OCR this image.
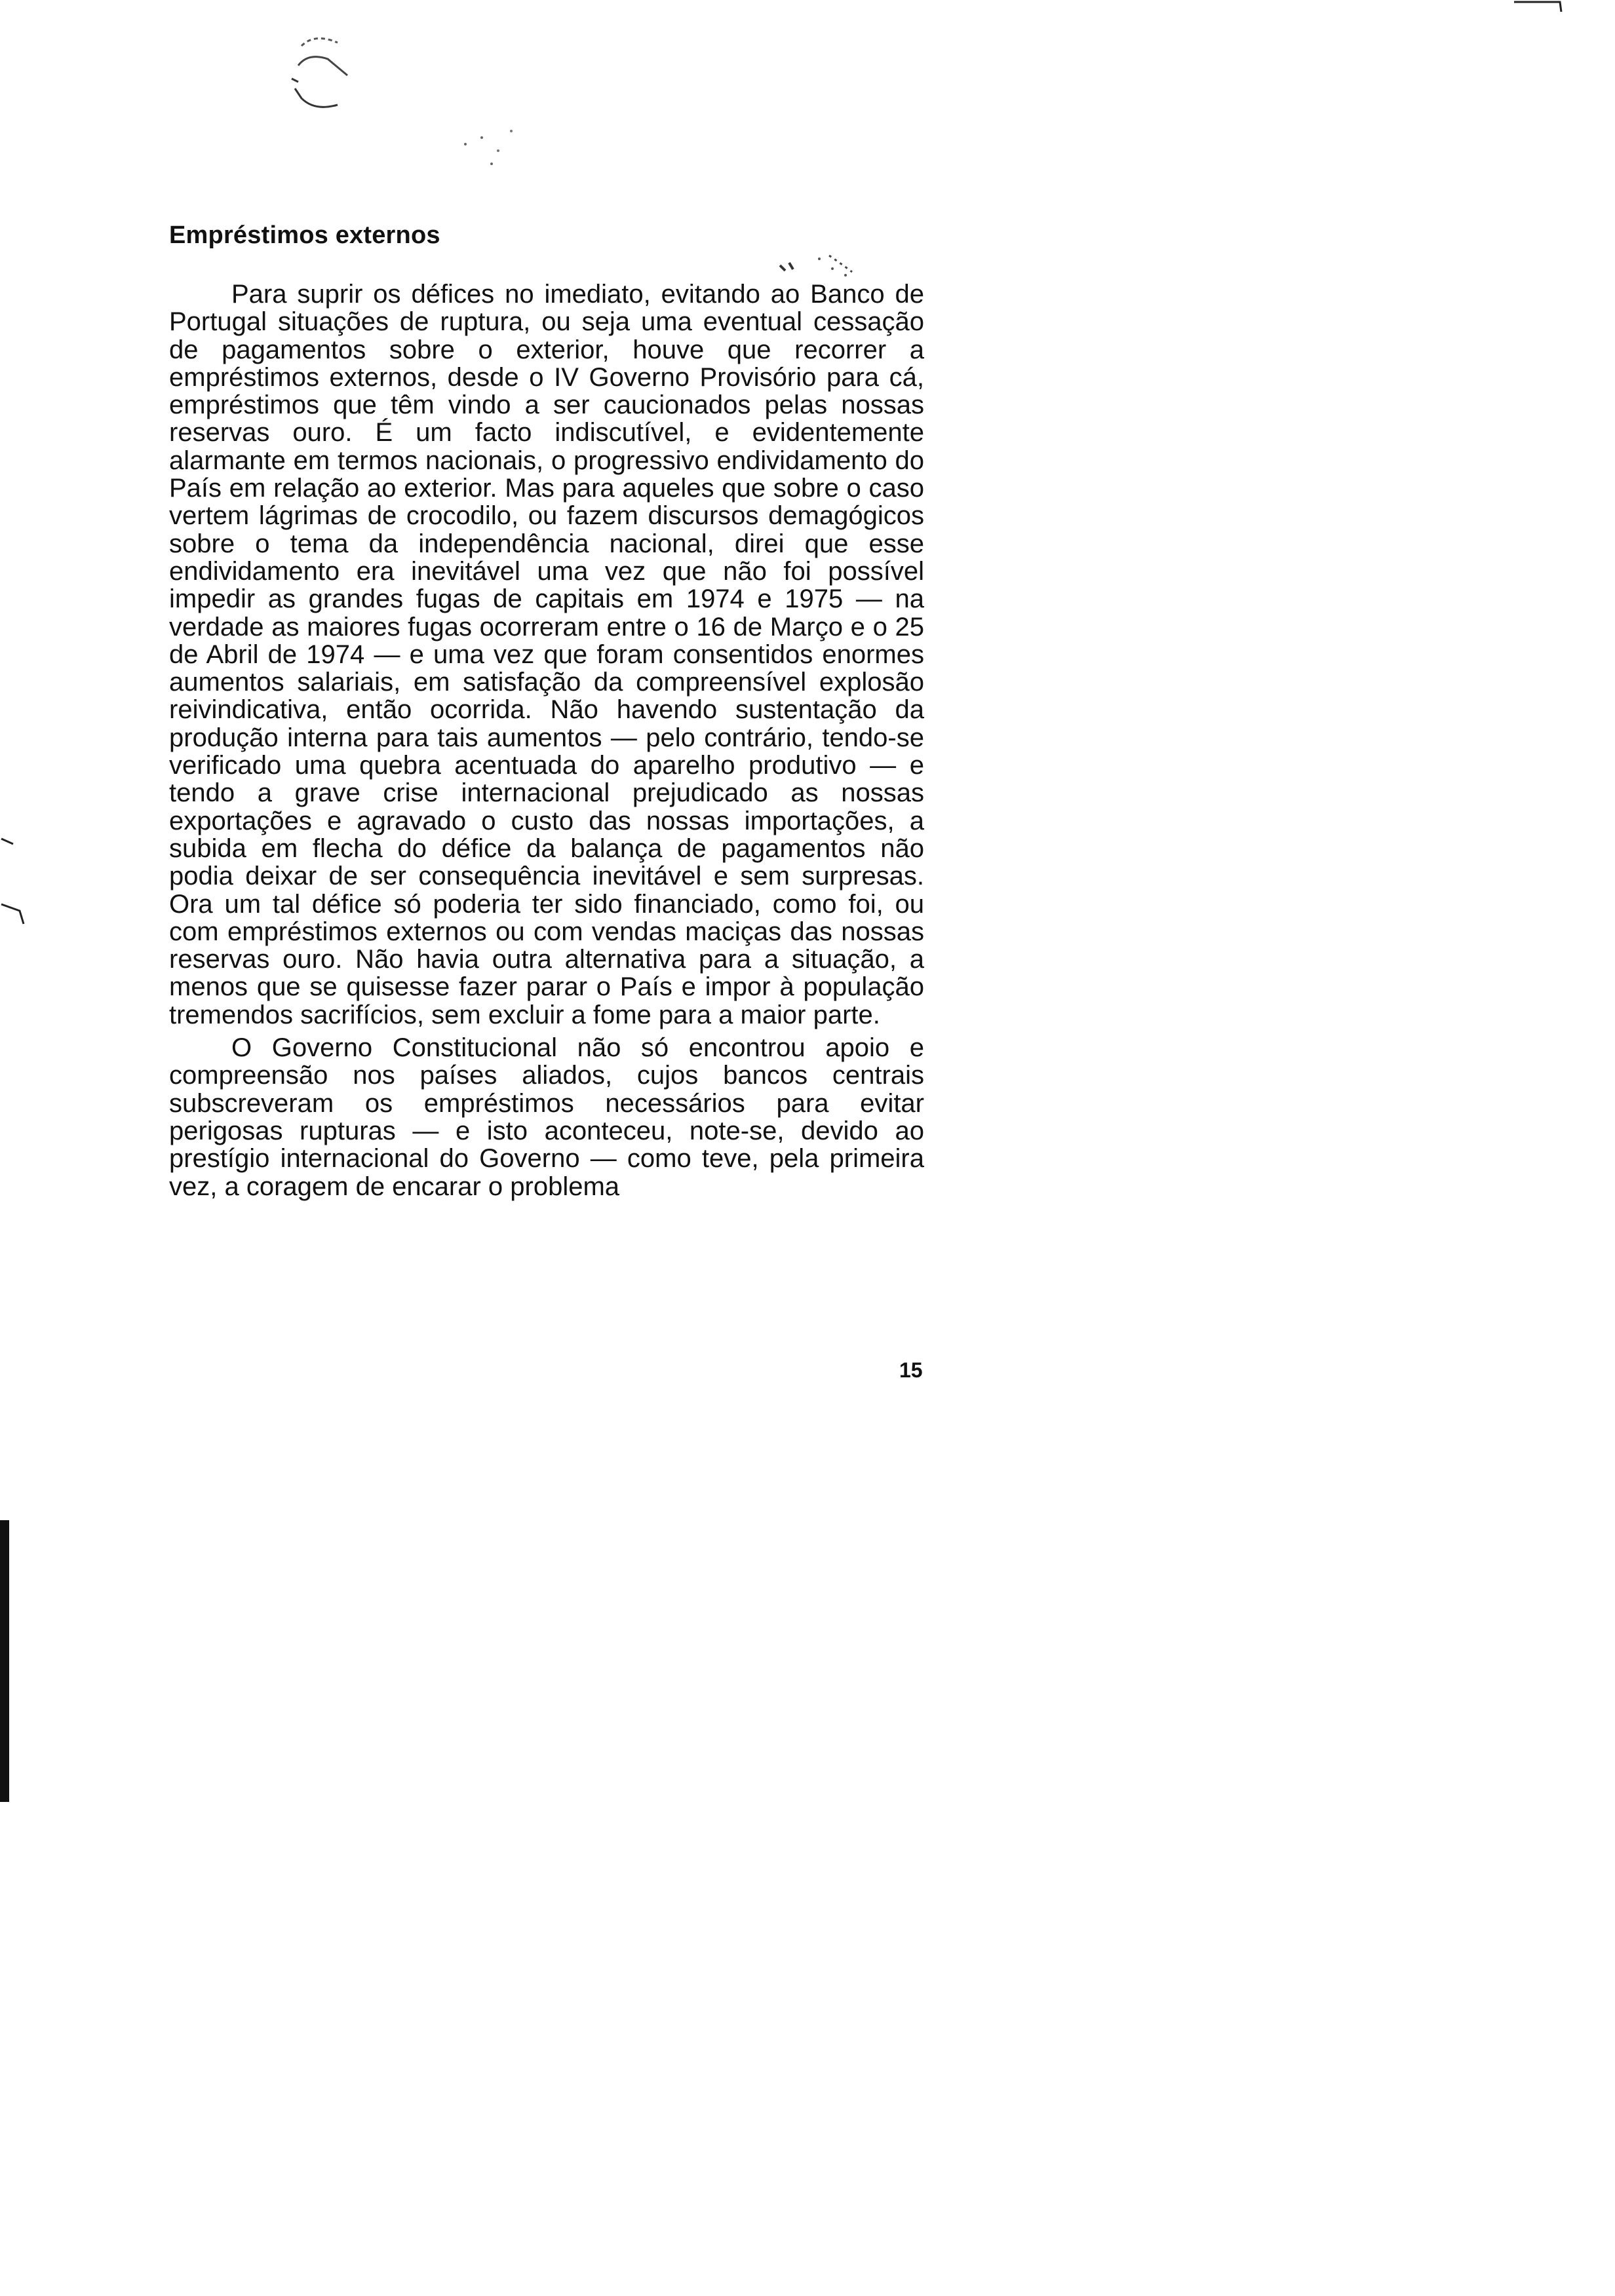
Empréstimos externos

Para suprir os défices no imediato, evitando ao Banco de Portugal situações de ruptura, ou seja uma eventual cessação de pagamentos sobre o exterior, houve que recorrer a empréstimos externos, desde o IV Governo Provisório para cá, empréstimos que têm vindo a ser caucionados pelas nossas reservas ouro. É um facto indiscutível, e evidentemente alarmante em termos nacionais, o progressivo endividamento do País em relação ao exterior. Mas para aqueles que sobre o caso vertem lágrimas de crocodilo, ou fazem discursos demagógicos sobre o tema da independência nacional, direi que esse endividamento era inevitável uma vez que não foi possível impedir as grandes fugas de capitais em 1974 e 1975 — na verdade as maiores fugas ocorreram entre o 16 de Março e o 25 de Abril de 1974 — e uma vez que foram consentidos enormes aumentos salariais, em satisfação da compreensível explosão reivindicativa, então ocorrida. Não havendo sustentação da produção interna para tais aumentos — pelo contrário, tendo-se verificado uma quebra acentuada do aparelho produtivo — e tendo a grave crise internacional prejudicado as nossas exportações e agravado o custo das nossas importações, a subida em flecha do défice da balança de pagamentos não podia deixar de ser consequência inevitável e sem surpresas. Ora um tal défice só poderia ter sido financiado, como foi, ou com empréstimos externos ou com vendas maciças das nossas reservas ouro. Não havia outra alternativa para a situação, a menos que se quisesse fazer parar o País e impor à população tremendos sacrifícios, sem excluir a fome para a maior parte.

O Governo Constitucional não só encontrou apoio e compreensão nos países aliados, cujos bancos centrais subscreveram os empréstimos necessários para evitar perigosas rupturas — e isto aconteceu, note-se, devido ao prestígio internacional do Governo — como teve, pela primeira vez, a coragem de encarar o problema

15
